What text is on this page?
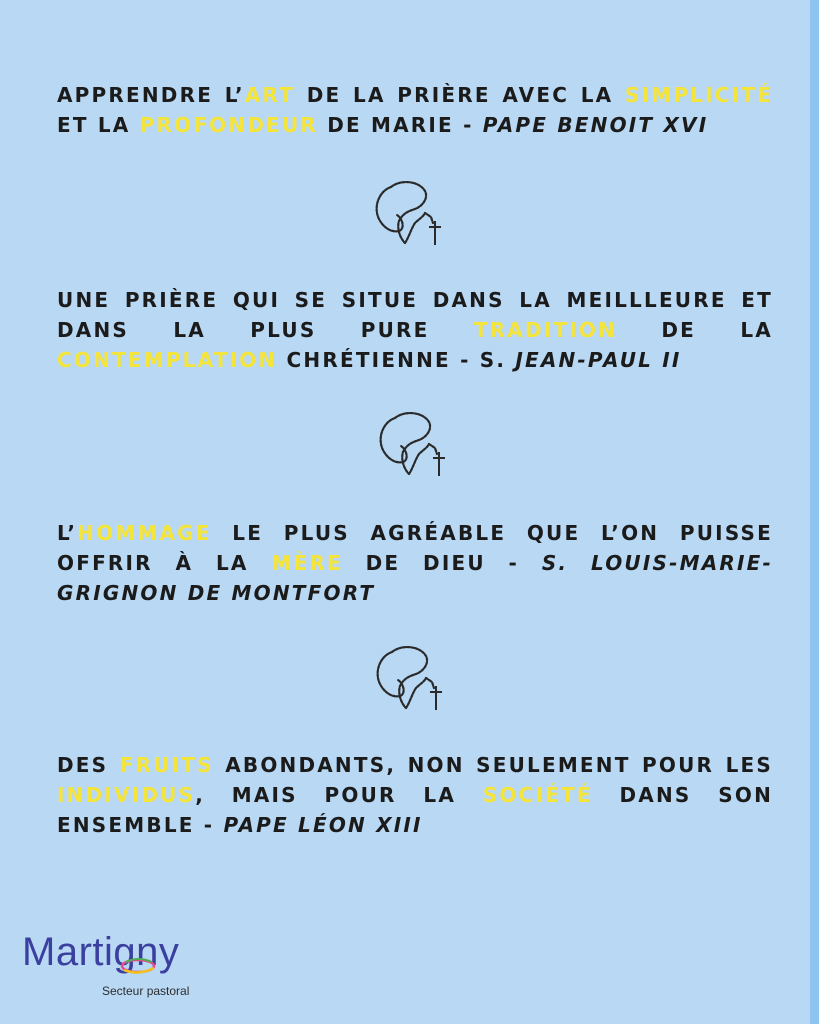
APPRENDRE L’ART DE LA PRIÈRE AVEC LA SIMPLICITÉ ET LA PROFONDEUR DE MARIE - PAPE BENOIT XVI
UNE PRIÈRE QUI SE SITUE DANS LA MEILLLEURE ET DANS LA PLUS PURE TRADITION DE LA CONTEMPLATION CHRÉTIENNE - S. JEAN-PAUL II
L’HOMMAGE LE PLUS AGRÉABLE QUE L’ON PUISSE OFFRIR À LA MÈRE DE DIEU - S. LOUIS-MARIE-GRIGNON DE MONTFORT
DES FRUITS ABONDANTS, NON SEULEMENT POUR LES INDIVIDUS, MAIS POUR LA SOCIÉTÉ DANS SON ENSEMBLE - PAPE LÉON XIII
Martigny
Secteur pastoral
